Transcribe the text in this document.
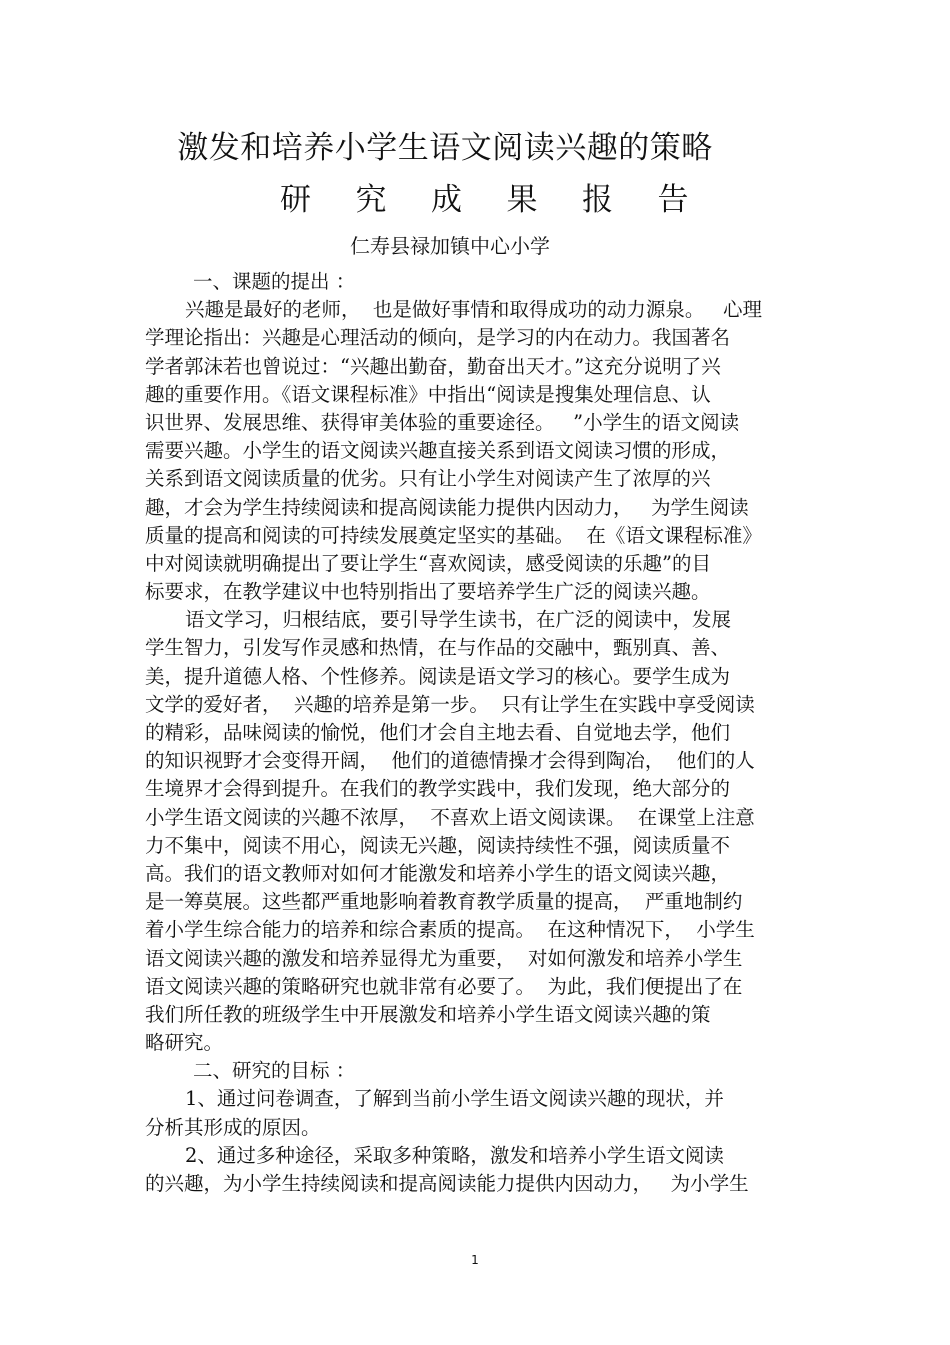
激发和培养小学生语文阅读兴趣的策略
研 究 成 果 报 告
仁寿县禄加镇中心小学
一、课题的提出 ：
兴趣是最好的老师，  也是做好事情和取得成功的动力源泉。   心理
学理论指出：兴趣是心理活动的倾向，是学习的内在动力。我国著名
学者郭沫若也曾说过：“兴趣出勤奋，勤奋出天才。”这充分说明了兴
趣的重要作用。《语文课程标准》中指出“阅读是搜集处理信息、认
识世界、发展思维、获得审美体验的重要途径。   ”小学生的语文阅读
需要兴趣。小学生的语文阅读兴趣直接关系到语文阅读习惯的形成，
关系到语文阅读质量的优劣。只有让小学生对阅读产生了浓厚的兴
趣，才会为学生持续阅读和提高阅读能力提供内因动力，   为学生阅读
质量的提高和阅读的可持续发展奠定坚实的基础。  在《语文课程标准》
中对阅读就明确提出了要让学生“喜欢阅读，感受阅读的乐趣”的目
标要求，在教学建议中也特别指出了要培养学生广泛的阅读兴趣。
语文学习，归根结底，要引导学生读书，在广泛的阅读中，发展
学生智力，引发写作灵感和热情，在与作品的交融中，甄别真、善、
美，提升道德人格、个性修养。阅读是语文学习的核心。要学生成为
文学的爱好者，  兴趣的培养是第一步。  只有让学生在实践中享受阅读
的精彩，品味阅读的愉悦，他们才会自主地去看、自觉地去学，他们
的知识视野才会变得开阔，  他们的道德情操才会得到陶冶，  他们的人
生境界才会得到提升。在我们的教学实践中，我们发现，绝大部分的
小学生语文阅读的兴趣不浓厚，  不喜欢上语文阅读课。  在课堂上注意
力不集中，阅读不用心，阅读无兴趣，阅读持续性不强，阅读质量不
高。我们的语文教师对如何才能激发和培养小学生的语文阅读兴趣，
是一筹莫展。这些都严重地影响着教育教学质量的提高，  严重地制约
着小学生综合能力的培养和综合素质的提高。  在这种情况下，  小学生
语文阅读兴趣的激发和培养显得尤为重要，  对如何激发和培养小学生
语文阅读兴趣的策略研究也就非常有必要了。  为此，我们便提出了在
我们所任教的班级学生中开展激发和培养小学生语文阅读兴趣的策
略研究。
二、研究的目标 ：
1、通过问卷调查，了解到当前小学生语文阅读兴趣的现状，并
分析其形成的原因。
2、通过多种途径，采取多种策略，激发和培养小学生语文阅读
的兴趣，为小学生持续阅读和提高阅读能力提供内因动力，   为小学生
1
